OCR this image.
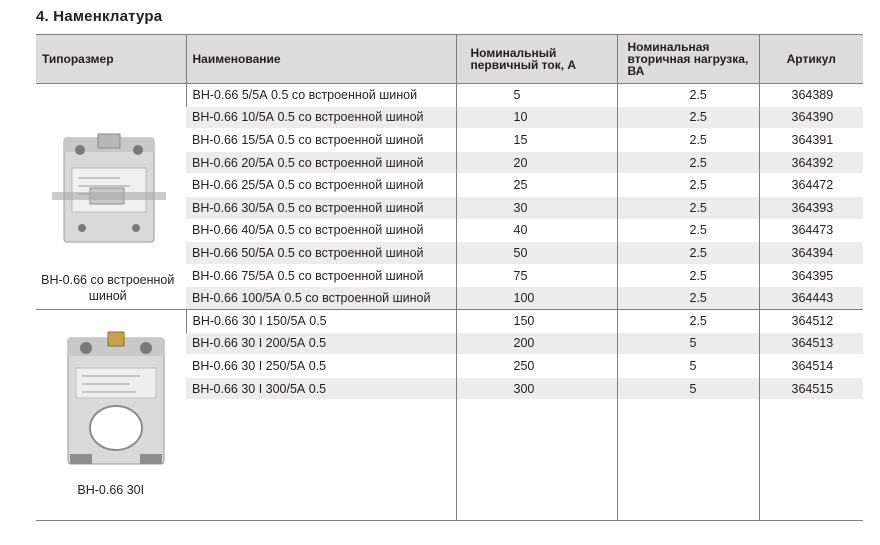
4. Наменклатура
Типоразмер	Наименование	Номинальный первичный ток, А	Номинальная вторичная нагрузка, ВА	Артикул

ВН-0.66 со встроенной шиной	ВН-0.66 5/5А 0.5 со встроенной шиной	5	2.5	364389
	ВН-0.66 10/5А 0.5 со встроенной шиной	10	2.5	364390
	ВН-0.66 15/5А 0.5 со встроенной шиной	15	2.5	364391
	ВН-0.66 20/5А 0.5 со встроенной шиной	20	2.5	364392
	ВН-0.66 25/5А 0.5 со встроенной шиной	25	2.5	364472
	ВН-0.66 30/5А 0.5 со встроенной шиной	30	2.5	364393
	ВН-0.66 40/5А 0.5 со встроенной шиной	40	2.5	364473
	ВН-0.66 50/5А 0.5 со встроенной шиной	50	2.5	364394
	ВН-0.66 75/5А 0.5 со встроенной шиной	75	2.5	364395
	ВН-0.66 100/5А 0.5 со встроенной шиной	100	2.5	364443

ВН-0.66 30I	ВН-0.66 30 I 150/5А 0.5	150	2.5	364512
	ВН-0.66 30 I 200/5А 0.5	200	5	364513
	ВН-0.66 30 I 250/5А 0.5	250	5	364514
	ВН-0.66 30 I 300/5А 0.5	300	5	364515
